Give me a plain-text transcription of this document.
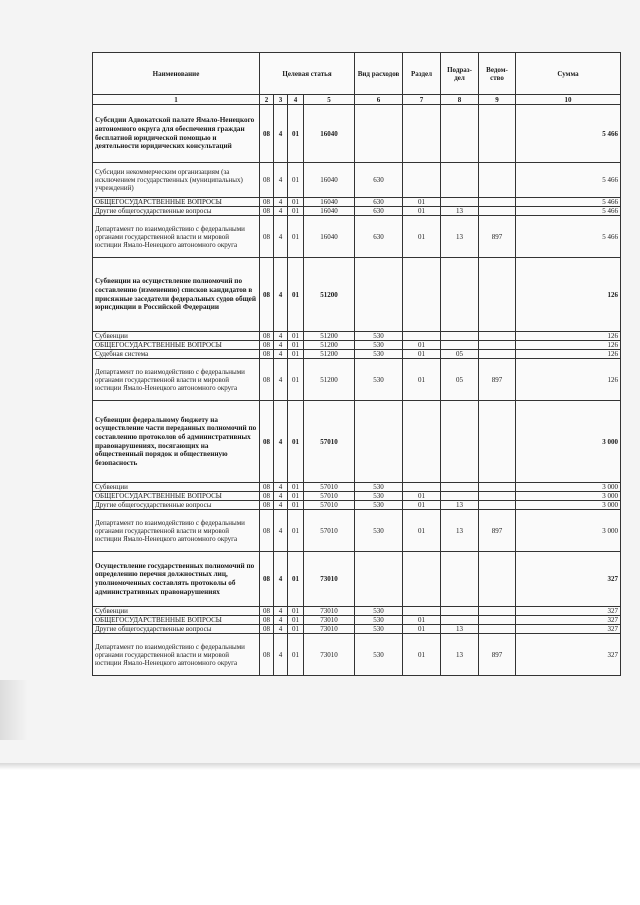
Наименование	Целевая статья				Вид расходов	Раздел	Подраз-дел	Ведом-ство	Сумма
1	2	3	4	5	6	7	8	9	10
Субсидии Адвокатской палате Ямало-Ненецкого автономного округа для обеспечения граждан бесплатной юридической помощью и деятельности юридических консультаций	08	4	01	16040					5 466
Субсидии некоммерческим организациям (за исключением государственных (муниципальных) учреждений)	08	4	01	16040	630				5 466
ОБЩЕГОСУДАРСТВЕННЫЕ ВОПРОСЫ	08	4	01	16040	630	01			5 466
Другие общегосударственные вопросы	08	4	01	16040	630	01	13		5 466
Департамент по взаимодействию с федеральными органами государственной власти и мировой юстиции Ямало-Ненецкого автономного округа	08	4	01	16040	630	01	13	897	5 466
Субвенции на осуществление полномочий по составлению (изменению) списков кандидатов в присяжные заседатели федеральных судов общей юрисдикции в Российской Федерации	08	4	01	51200					126
Субвенции	08	4	01	51200	530				126
ОБЩЕГОСУДАРСТВЕННЫЕ ВОПРОСЫ	08	4	01	51200	530	01			126
Судебная система	08	4	01	51200	530	01	05		126
Департамент по взаимодействию с федеральными органами государственной власти и мировой юстиции Ямало-Ненецкого автономного округа	08	4	01	51200	530	01	05	897	126
Субвенции федеральному бюджету на осуществление части переданных полномочий по составлению протоколов об административных правонарушениях, посягающих на общественный порядок и общественную безопасность	08	4	01	57010					3 000
Субвенции	08	4	01	57010	530				3 000
ОБЩЕГОСУДАРСТВЕННЫЕ ВОПРОСЫ	08	4	01	57010	530	01			3 000
Другие общегосударственные вопросы	08	4	01	57010	530	01	13		3 000
Департамент по взаимодействию с федеральными органами государственной власти и мировой юстиции Ямало-Ненецкого автономного округа	08	4	01	57010	530	01	13	897	3 000
Осуществление государственных полномочий по определению перечня должностных лиц, уполномоченных составлять протоколы об административных правонарушениях	08	4	01	73010					327
Субвенции	08	4	01	73010	530				327
ОБЩЕГОСУДАРСТВЕННЫЕ ВОПРОСЫ	08	4	01	73010	530	01			327
Другие общегосударственные вопросы	08	4	01	73010	530	01	13		327
Департамент по взаимодействию с федеральными органами государственной власти и мировой юстиции Ямало-Ненецкого автономного округа	08	4	01	73010	530	01	13	897	327
